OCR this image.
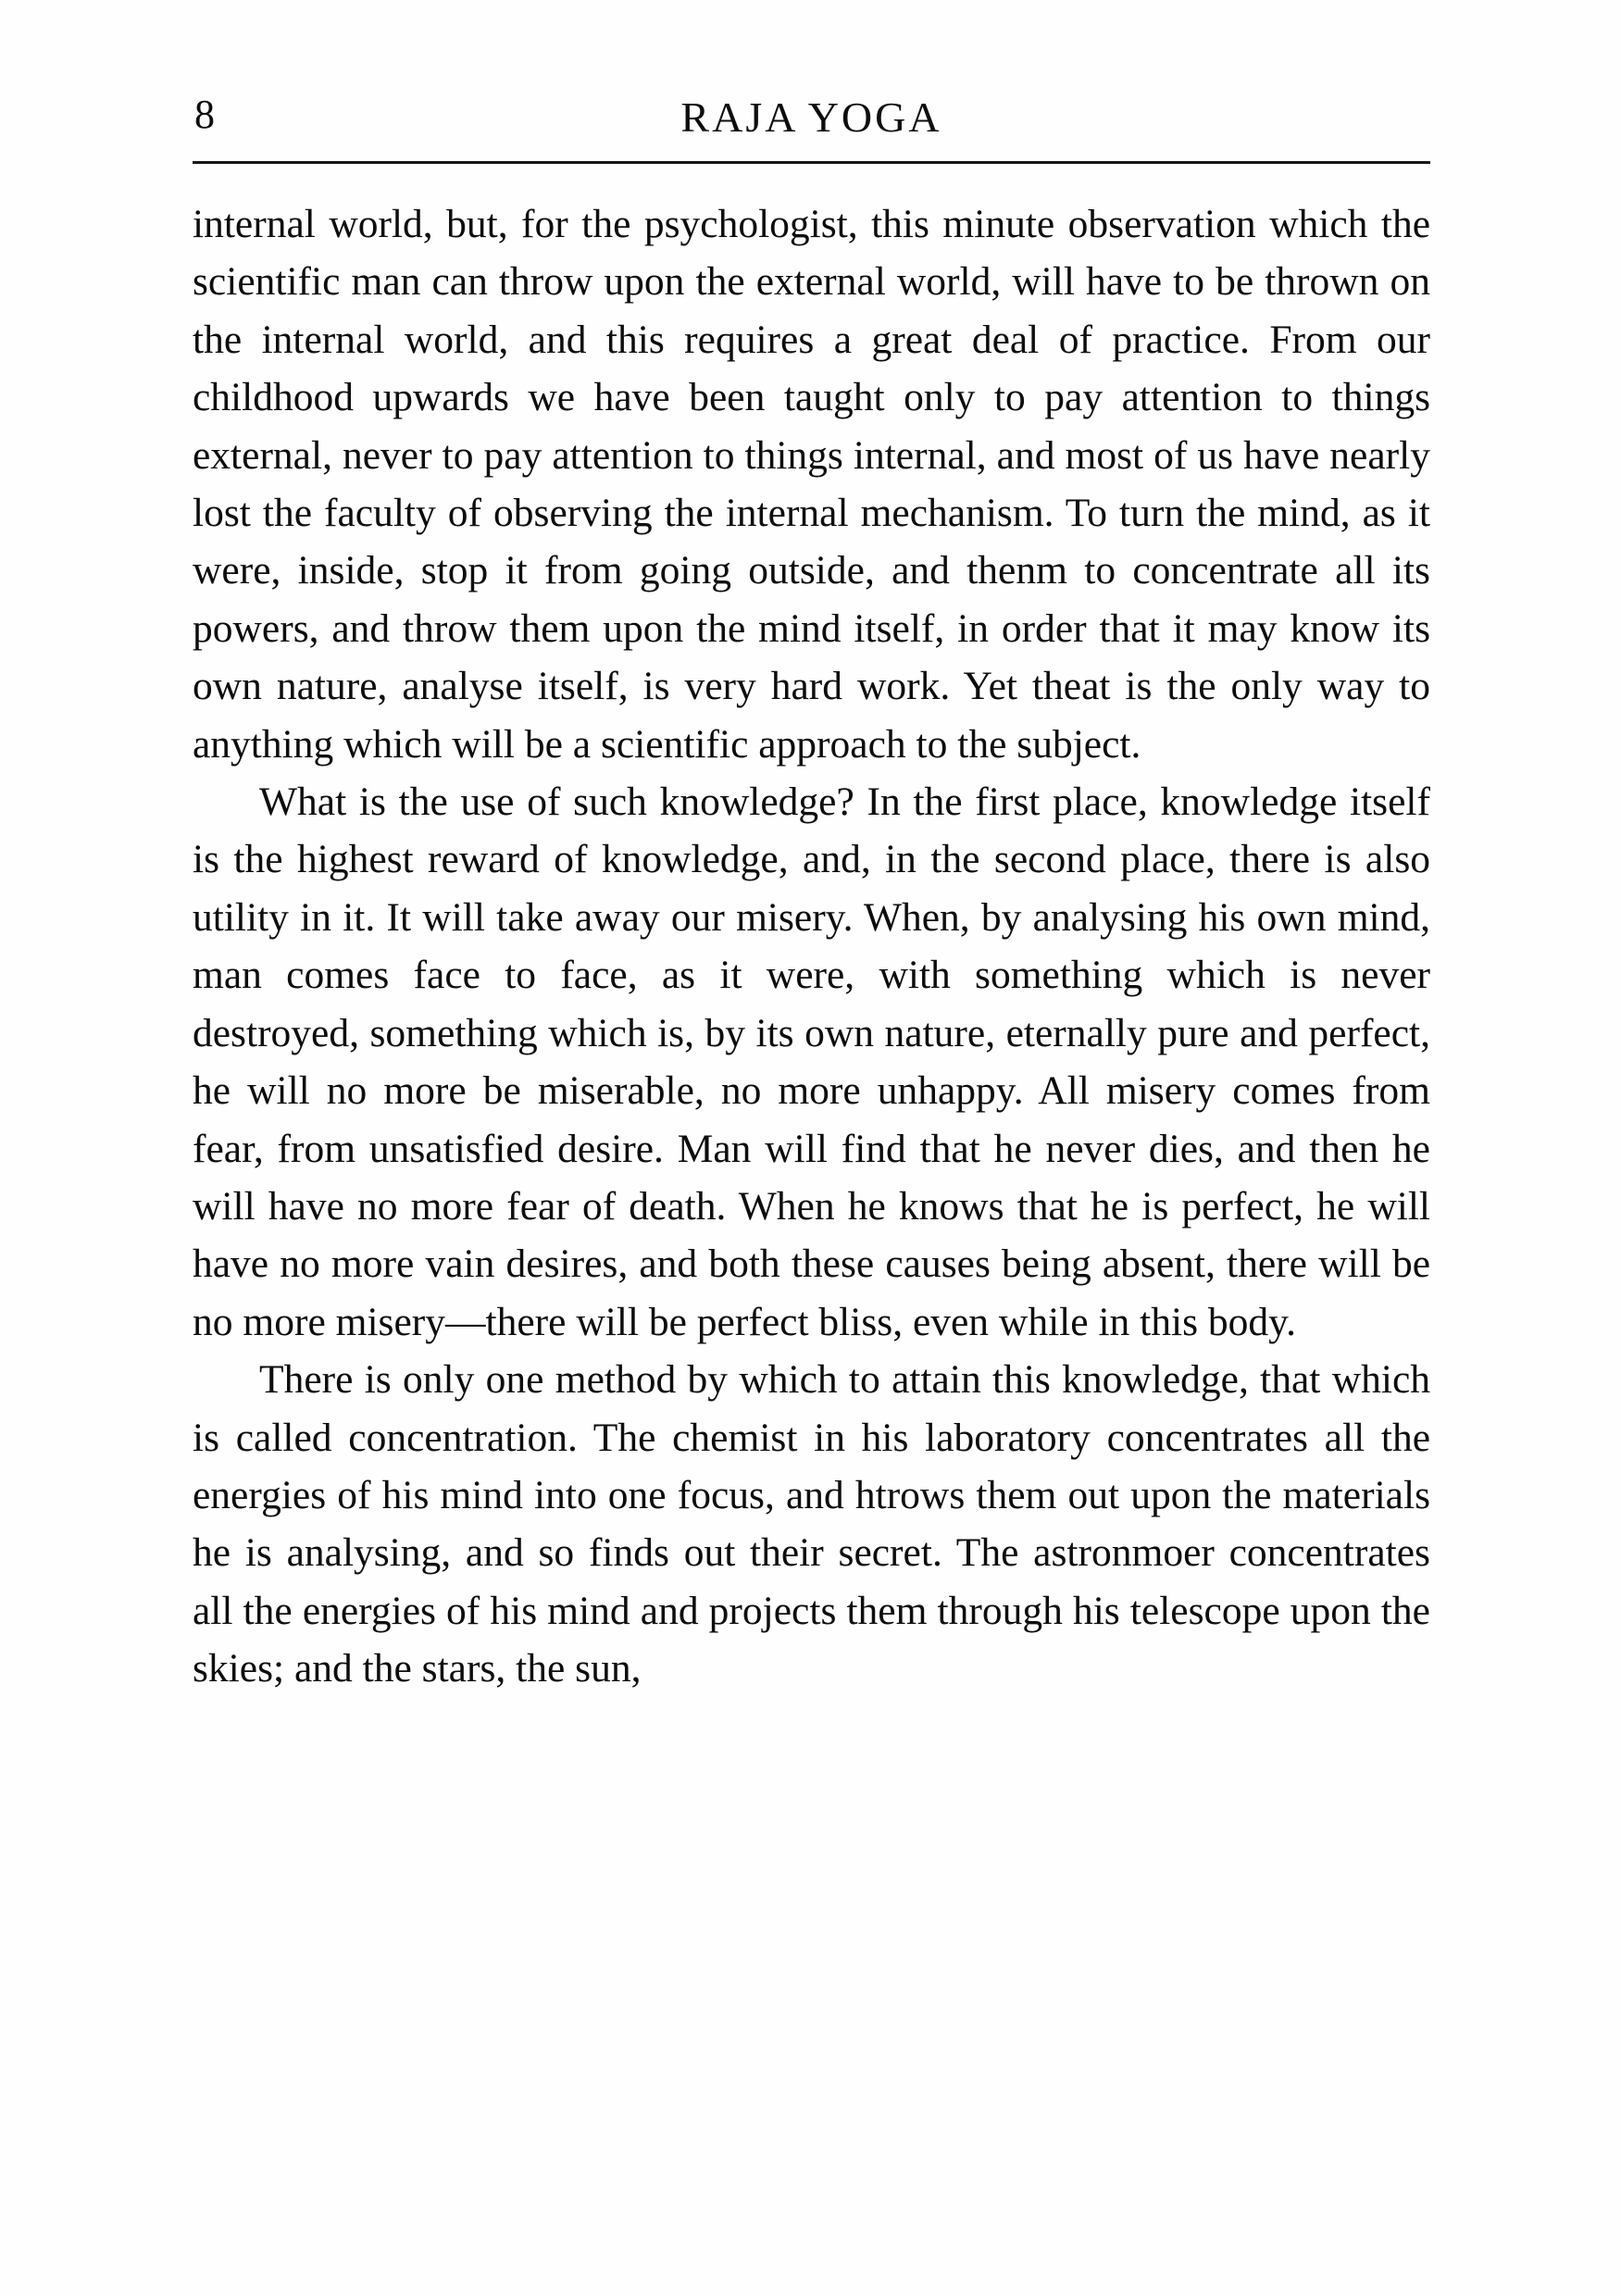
8	RAJA YOGA

internal world, but, for the psychologist, this minute observation which the scientific man can throw upon the external world, will have to be thrown on the internal world, and this requires a great deal of practice. From our childhood upwards we have been taught only to pay attention to things external, never to pay attention to things internal, and most of us have nearly lost the faculty of observing the internal mechanism. To turn the mind, as it were, inside, stop it from going outside, and thenm to concentrate all its powers, and throw them upon the mind itself, in order that it may know its own nature, analyse itself, is very hard work. Yet theat is the only way to anything which will be a scientific approach to the subject.

What is the use of such knowledge? In the first place, knowledge itself is the highest reward of knowledge, and, in the second place, there is also utility in it. It will take away our misery. When, by analysing his own mind, man comes face to face, as it were, with something which is never destroyed, something which is, by its own nature, eternally pure and perfect, he will no more be miserable, no more unhappy. All misery comes from fear, from unsatisfied desire. Man will find that he never dies, and then he will have no more fear of death. When he knows that he is perfect, he will have no more vain desires, and both these causes being absent, there will be no more misery—there will be perfect bliss, even while in this body.

There is only one method by which to attain this knowledge, that which is called concentration. The chemist in his laboratory concentrates all the energies of his mind into one focus, and htrows them out upon the materials he is analysing, and so finds out their secret. The astronmoer concentrates all the energies of his mind and projects them through his telescope upon the skies; and the stars, the sun,
